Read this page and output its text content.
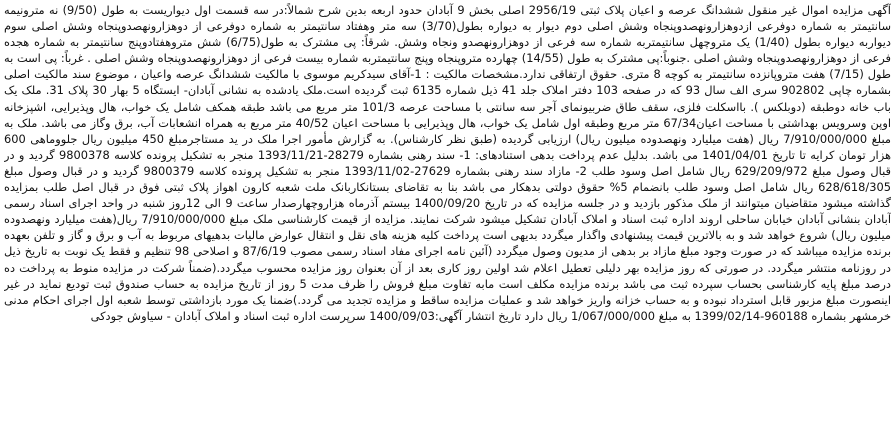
آگهی مزایده اموال غیر منقول ششدانگ عرصه و اعیان پلاک ثبتی 2956/19 اصلی بخش 9 آبادان حدود اربعه بدین شرح شمالاً:در سه قسمت اول دیواریست به طول (9/50) نه مترونیمه سانتیمتر به شماره دوفرعی ازدوهزارونهصدوپنجاه وشش اصلی دوم دیوار به دیواره بطول(3/70) سه متر وهفتاد سانتیمتر به شماره دوفرعی از دوهزارونهصدوپنجاه وشش اصلی سوم دیواربه دیواره بطول (1/40) یک متروچهل سانتیمتربه شماره سه فرعی از دوهزارونهصدو ونجاه وشش. شرقاً: پی مشترک به طول(6/75) شش متروهفتادوپنج سانتیمتر به شماره هجده فرعی از دوهزارونهصدوپنجاه وشش اصلی .جنوباً:پی مشترک به طول (14/55) چهارده متروپنجاه وپنج سانتیمتربه شماره بیست فرعی از دوهزارونهصدوپنجاه وشش اصلی . غرباً: پی است به طول (7/15) هفت متروپانزده سانتیمتر به کوچه 8 متری. حقوق ارتفاقی ندارد.مشخصات مالکیت : 1-آقای سیدکریم موسوی با مالکیت ششدانگ عرصه واعیان ، موضوع سند مالکیت اصلی بشماره چاپی 902802 سری الف سال 93 که در صفحه 103 دفتر املاک جلد 41 ذیل شماره 6135 ثبت گردیده است.ملک یادشده به نشانی آبادان- ایستگاه 5 بهار 30 پلاک 31. ملک یک باب خانه دوطبقه (دوبلکس ). بااسکلت فلزی، سقف طاق ضربیونمای آجر سه سانتی با مساحت عرصه 101/3 متر مربع می باشد طبقه همکف شامل یک خواب، هال وپذیرایی، اشپزخانه اوپن وسرویس بهداشتی با مساحت اعیان67/34 متر مربع وطبقه اول شامل یک خواب، هال وپذیرایی با مساحت اعیان 40/52 متر مربع به همراه انشعابات آب، برق وگاز می باشد. ملک به مبلغ 7/910/000/000 ریال (هفت میلیارد ونهصدوده میلیون ریال) ارزیابی گردیده (طبق نظر کارشناس). به گزارش مأمور اجرا ملک در ید مستاجرمبلغ 450 میلیون ریال جلووماهی 600 هزار تومان کرایه تا تاریخ 1401/04/01 می باشد. بدلیل عدم پرداخت بدهی استنادهای: 1- سند رهنی بشماره 28279-1393/11/21 منجر به تشکیل پرونده کلاسه 9800378 گردید و در قبال وصول مبلغ 629/209/972 ریال شامل اصل وسود طلب 2- مازاد سند رهنی بشماره 27629-1393/11/02 منجر به تشکیل پرونده کلاسه 9800379 گردید و در قبال وصول مبلغ 628/618/305 ریال شامل اصل وسود طلب بانضمام 5% حقوق دولتی بدهکار می باشد بنا به تقاضای بستانکاربانک ملت شعبه کارون اهواز پلاک ثبتی فوق در قبال اصل طلب بمزایده گذاشته میشود متقاضیان میتوانند از ملک مذکور بازدید و در جلسه مزایده که در تاریخ 1400/09/20 بیستم آذرماه هزاروچهارصدار ساعت 9 الی 12روز شنبه در واحد اجرای اسناد رسمی آبادان بنشانی آبادان خیابان ساحلی اروند اداره ثبت اسناد و املاک آبادان تشکیل میشود شرکت نمایند. مزایده از قیمت کارشناسی ملک مبلغ 7/910/000/000 ریال(هفت میلیارد ونهصدوده میلیون ریال) شروع خواهد شد و به بالاترین قیمت پیشنهادی واگذار میگردد بدیهی است پرداخت کلیه هزینه های نقل و انتقال عوارض مالیات بدهیهای مربوط به آب و برق و گاز و تلفن بعهده برنده مزایده میباشد که در صورت وجود مبلغ مازاد بر بدهی از مدیون وصول میگردد (آئین نامه اجرای مفاد اسناد رسمی مصوب 87/6/19 و اصلاحی 98 تنظیم و فقط یک نوبت به تاریخ ذیل در روزنامه منتشر میگردد. در صورتی که روز مزایده بهر دلیلی تعطیل اعلام شد اولین روز کاری بعد از آن بعنوان روز مزایده محسوب میگردد.(ضمناً شرکت در مزایده منوط به پرداخت ده درصد مبلغ پایه کارشناسی بحساب سپرده ثبت می باشد برنده مزایده مکلف است مابه تفاوت مبلغ فروش را ظرف مدت 5 روز از تاریخ مزایده به حساب صندوق ثبت تودیع نماید در غیر اینصورت مبلغ مزبور قابل استرداد نبوده و به حساب خزانه واریز خواهد شد و عملیات مزایده ساقط و مزایده تجدید می گردد.)ضمنا یک مورد بازداشتی توسط شعبه اول اجرای احکام مدنی خرمشهر بشماره 960188-1399/02/14 به مبلغ 1/067/000/000 ریال دارد تاریخ انتشار آگهی:1400/09/03 سرپرست اداره ثبت اسناد و املاک آبادان - سیاوش جودکی
